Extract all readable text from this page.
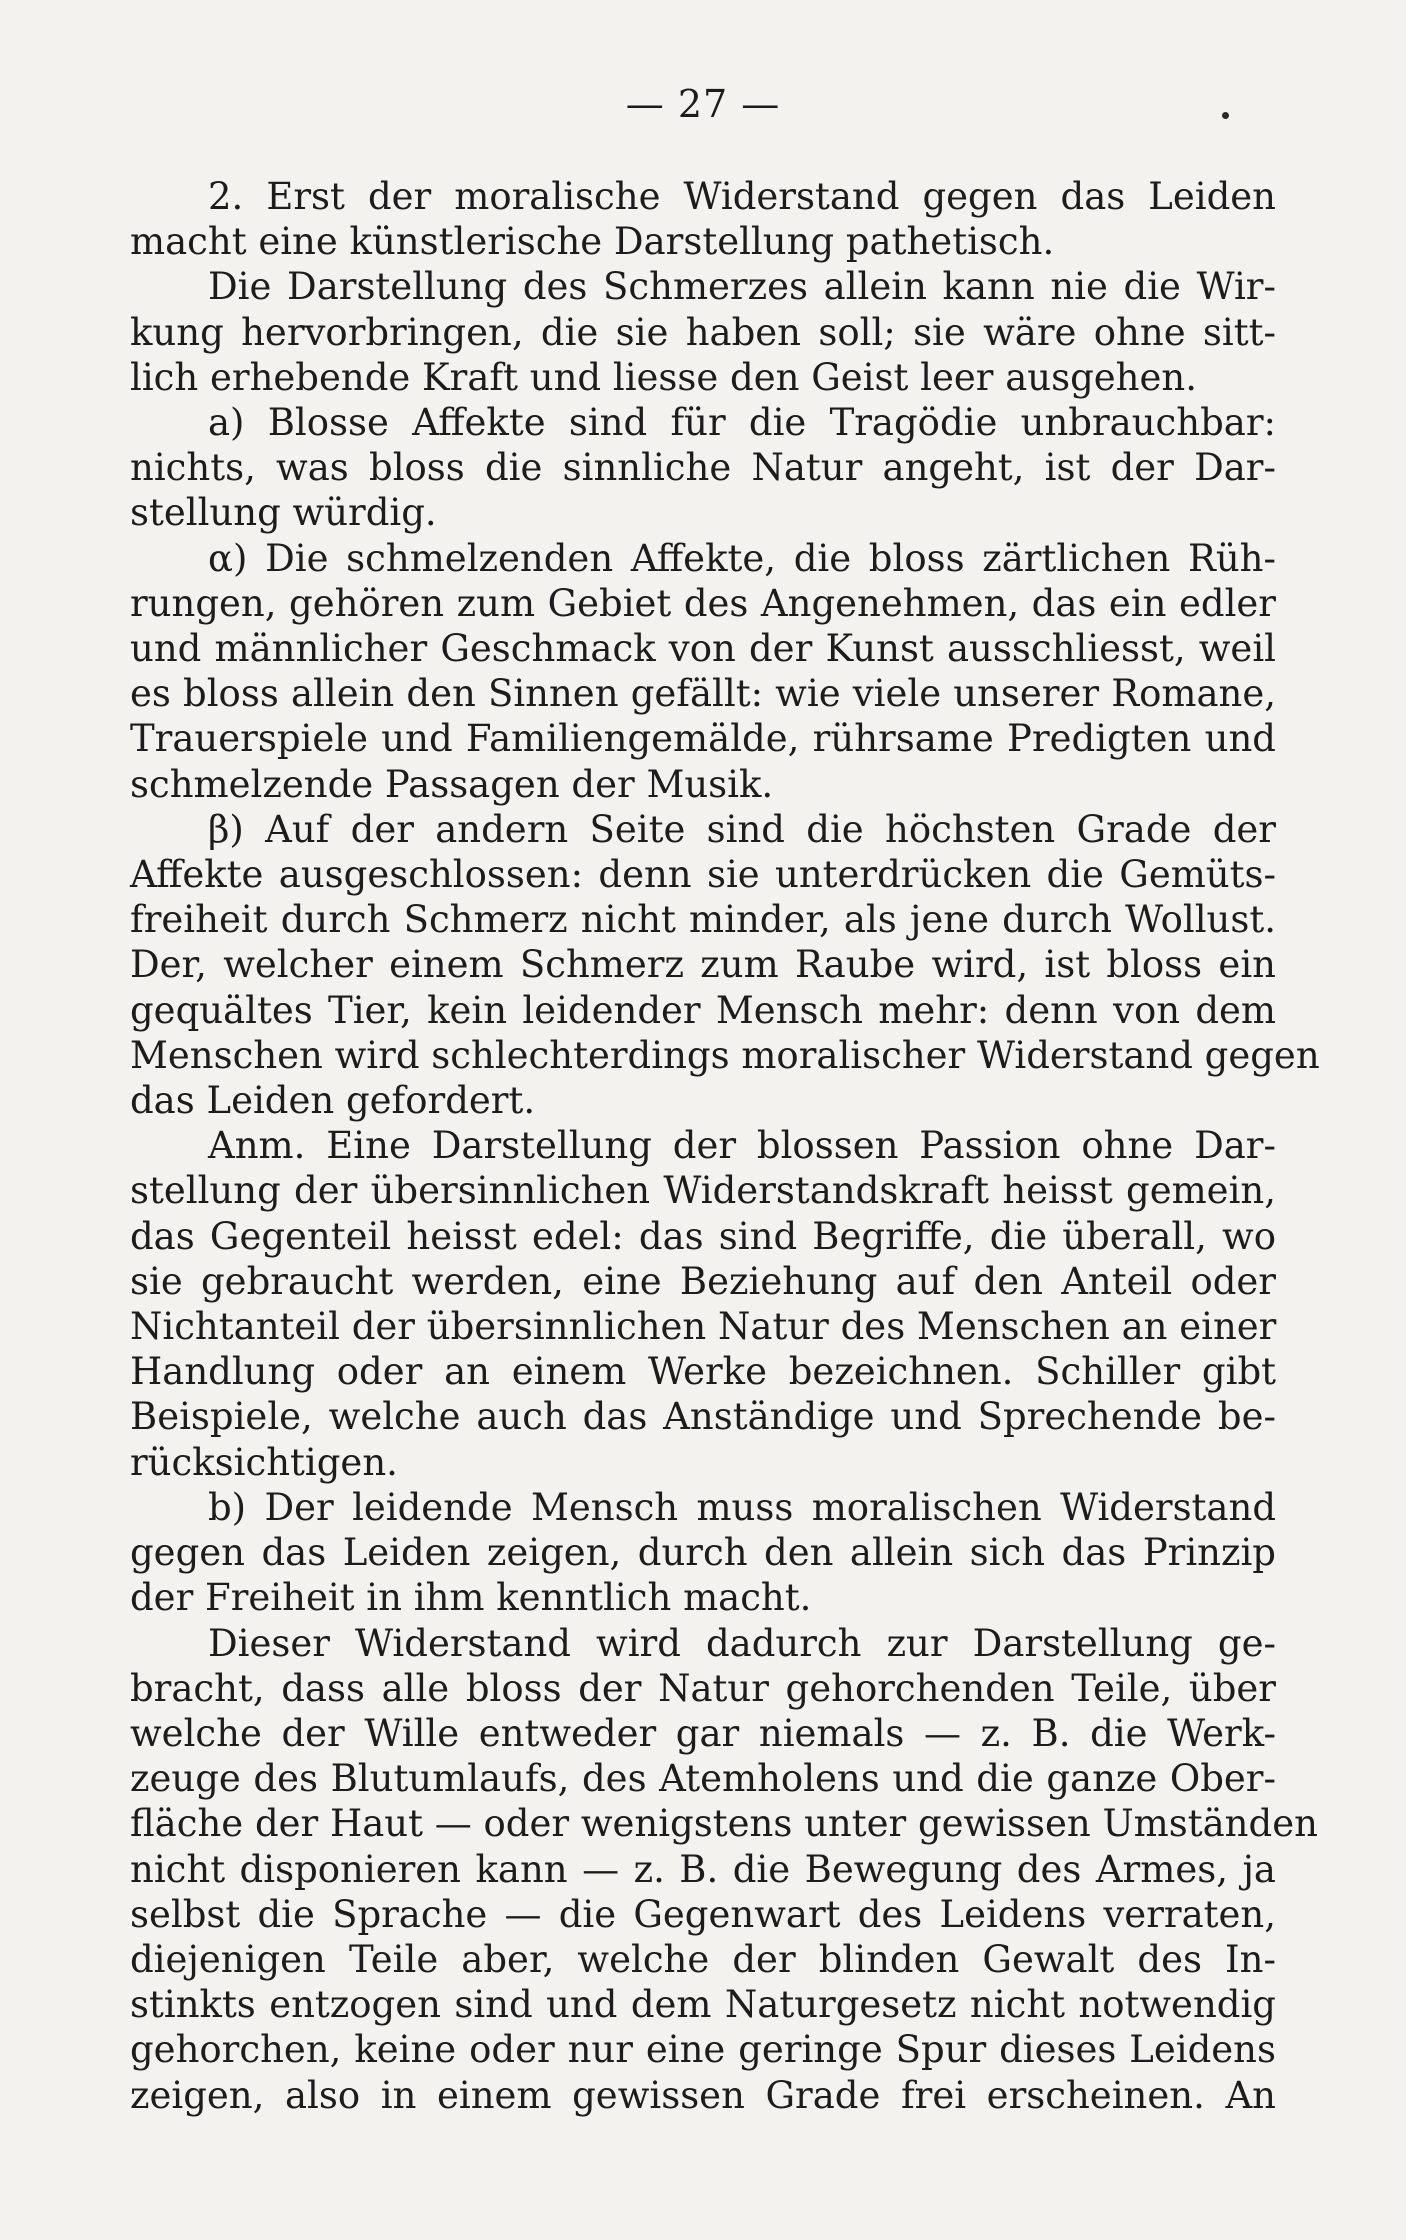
— 27 —
2. Erst der moralische Widerstand gegen das Leiden
macht eine künstlerische Darstellung pathetisch.
Die Darstellung des Schmerzes allein kann nie die Wir-
kung hervorbringen, die sie haben soll; sie wäre ohne sitt-
lich erhebende Kraft und liesse den Geist leer ausgehen.
a) Blosse Affekte sind für die Tragödie unbrauchbar:
nichts, was bloss die sinnliche Natur angeht, ist der Dar-
stellung würdig.
α) Die schmelzenden Affekte, die bloss zärtlichen Rüh-
rungen, gehören zum Gebiet des Angenehmen, das ein edler
und männlicher Geschmack von der Kunst ausschliesst, weil
es bloss allein den Sinnen gefällt: wie viele unserer Romane,
Trauerspiele und Familiengemälde, rührsame Predigten und
schmelzende Passagen der Musik.
β) Auf der andern Seite sind die höchsten Grade der
Affekte ausgeschlossen: denn sie unterdrücken die Gemüts-
freiheit durch Schmerz nicht minder, als jene durch Wollust.
Der, welcher einem Schmerz zum Raube wird, ist bloss ein
gequältes Tier, kein leidender Mensch mehr: denn von dem
Menschen wird schlechterdings moralischer Widerstand gegen
das Leiden gefordert.
Anm. Eine Darstellung der blossen Passion ohne Dar-
stellung der übersinnlichen Widerstandskraft heisst gemein,
das Gegenteil heisst edel: das sind Begriffe, die überall, wo
sie gebraucht werden, eine Beziehung auf den Anteil oder
Nichtanteil der übersinnlichen Natur des Menschen an einer
Handlung oder an einem Werke bezeichnen. Schiller gibt
Beispiele, welche auch das Anständige und Sprechende be-
rücksichtigen.
b) Der leidende Mensch muss moralischen Widerstand
gegen das Leiden zeigen, durch den allein sich das Prinzip
der Freiheit in ihm kenntlich macht.
Dieser Widerstand wird dadurch zur Darstellung ge-
bracht, dass alle bloss der Natur gehorchenden Teile, über
welche der Wille entweder gar niemals — z. B. die Werk-
zeuge des Blutumlaufs, des Atemholens und die ganze Ober-
fläche der Haut — oder wenigstens unter gewissen Umständen
nicht disponieren kann — z. B. die Bewegung des Armes, ja
selbst die Sprache — die Gegenwart des Leidens verraten,
diejenigen Teile aber, welche der blinden Gewalt des In-
stinkts entzogen sind und dem Naturgesetz nicht notwendig
gehorchen, keine oder nur eine geringe Spur dieses Leidens
zeigen, also in einem gewissen Grade frei erscheinen. An
